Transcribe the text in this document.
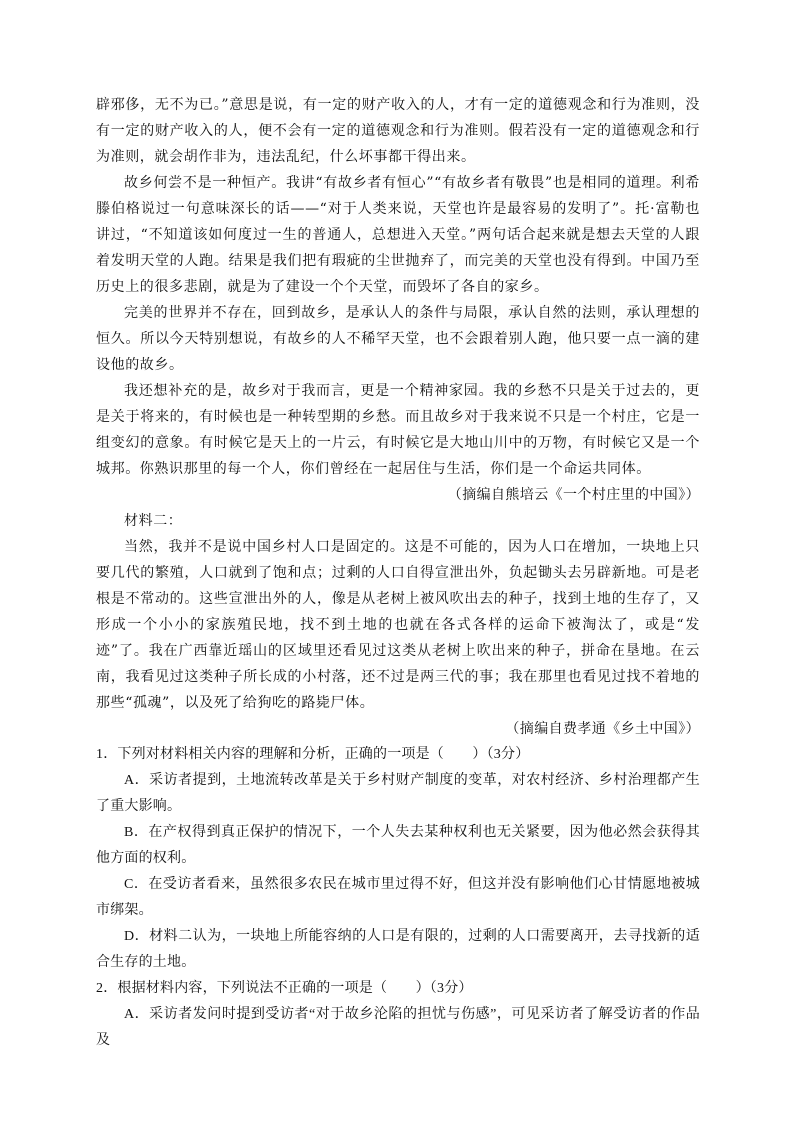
辟邪侈，无不为已。”意思是说，有一定的财产收入的人，才有一定的道德观念和行为准则，没有一定的财产收入的人，便不会有一定的道德观念和行为准则。假若没有一定的道德观念和行为准则，就会胡作非为，违法乱纪，什么坏事都干得出来。

故乡何尝不是一种恒产。我讲“有故乡者有恒心”“有故乡者有敬畏”也是相同的道理。利希滕伯格说过一句意味深长的话——“对于人类来说，天堂也许是最容易的发明了”。托·富勒也讲过，“不知道该如何度过一生的普通人，总想进入天堂。”两句话合起来就是想去天堂的人跟着发明天堂的人跑。结果是我们把有瑕疵的尘世抛弃了，而完美的天堂也没有得到。中国乃至历史上的很多悲剧，就是为了建设一个个天堂，而毁坏了各自的家乡。

完美的世界并不存在，回到故乡，是承认人的条件与局限，承认自然的法则，承认理想的恒久。所以今天特别想说，有故乡的人不稀罕天堂，也不会跟着别人跑，他只要一点一滴的建设他的故乡。

我还想补充的是，故乡对于我而言，更是一个精神家园。我的乡愁不只是关于过去的，更是关于将来的，有时候也是一种转型期的乡愁。而且故乡对于我来说不只是一个村庄，它是一组变幻的意象。有时候它是天上的一片云，有时候它是大地山川中的万物，有时候它又是一个城邦。你熟识那里的每一个人，你们曾经在一起居住与生活，你们是一个命运共同体。

（摘编自熊培云《一个村庄里的中国》）

材料二：

当然，我并不是说中国乡村人口是固定的。这是不可能的，因为人口在增加，一块地上只要几代的繁殖，人口就到了饱和点；过剩的人口自得宣泄出外，负起锄头去另辟新地。可是老根是不常动的。这些宣泄出外的人，像是从老树上被风吹出去的种子，找到土地的生存了，又形成一个小小的家族殖民地，找不到土地的也就在各式各样的运命下被淘汰了，或是“发迹”了。我在广西靠近瑶山的区域里还看见过这类从老树上吹出来的种子，拼命在垦地。在云南，我看见过这类种子所长成的小村落，还不过是两三代的事；我在那里也看见过找不着地的那些“孤魂”，以及死了给狗吃的路毙尸体。

（摘编自费孝通《乡土中国》）

1．下列对材料相关内容的理解和分析，正确的一项是（　　）（3分）

A．采访者提到，土地流转改革是关于乡村财产制度的变革，对农村经济、乡村治理都产生了重大影响。

B．在产权得到真正保护的情况下，一个人失去某种权利也无关紧要，因为他必然会获得其他方面的权利。

C．在受访者看来，虽然很多农民在城市里过得不好，但这并没有影响他们心甘情愿地被城市绑架。

D．材料二认为，一块地上所能容纳的人口是有限的，过剩的人口需要离开，去寻找新的适合生存的土地。

2．根据材料内容，下列说法不正确的一项是（　　）（3分）

A．采访者发问时提到受访者“对于故乡沦陷的担忧与伤感”，可见采访者了解受访者的作品及
